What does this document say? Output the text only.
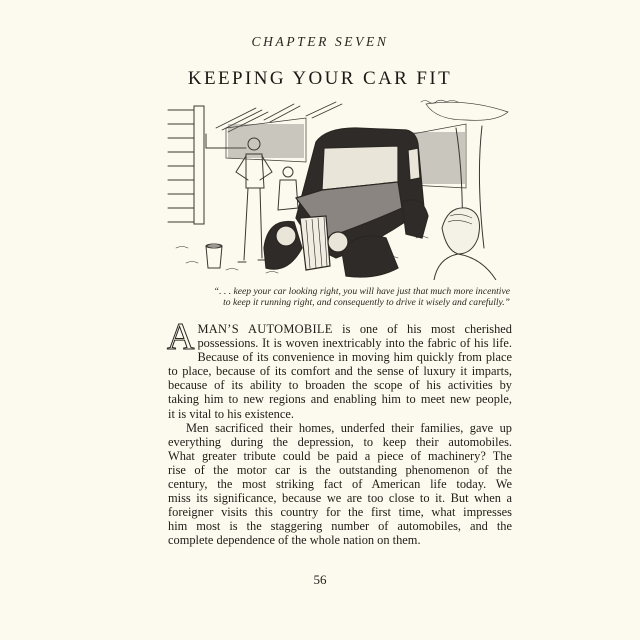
CHAPTER SEVEN
KEEPING YOUR CAR FIT
“. . . keep your car looking right, you will have just that much more incentive
to keep it running right, and consequently to drive it wisely and carefully.”
A MAN’S AUTOMOBILE is one of his most cherished
possessions. It is woven inextricably into the fabric of his life.
Because of its convenience in moving him quickly from place
to place, because of its comfort and the sense of luxury it imparts,
because of its ability to broaden the scope of his activities by
taking him to new regions and enabling him to meet new people,
it is vital to his existence.
Men sacrificed their homes, underfed their families, gave up
everything during the depression, to keep their automobiles.
What greater tribute could be paid a piece of machinery? The
rise of the motor car is the outstanding phenomenon of the
century, the most striking fact of American life today. We
miss its significance, because we are too close to it. But when a
foreigner visits this country for the first time, what impresses
him most is the staggering number of automobiles, and the
complete dependence of the whole nation on them.
56
